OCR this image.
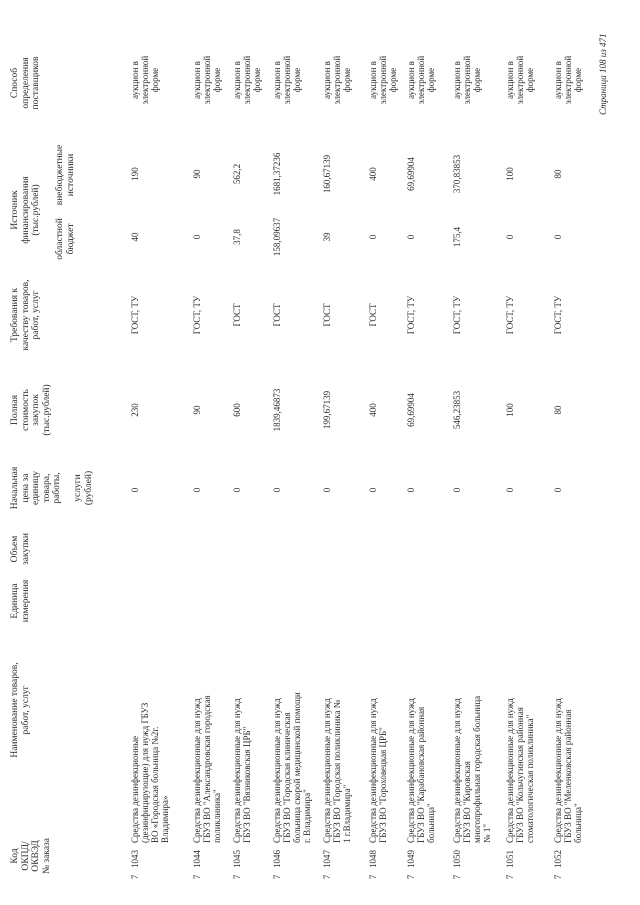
Код
ОКПД/
ОКВЭД
№ заказа
Наименование товаров,
работ, услуг
Единица
измерения
Объем
закупки
Начальная
цена за
единицу
товара,
работы,

услуги
(рублей)
Полная
стоимость
закупок
(тыс.рублей)
Требования к
качеству товаров,
работ, услуг
Источник
финансирования
(тыс.рублей)
областной
бюджет
внебюджетные
источники
Способ
определения
поставщиков
7
1043
Средства дезинфекционные
(дезинфицирующие) для нужд ГБУЗ
ВО «Городская больница №2г.
Владимира»
0
230
ГОСТ, ТУ
40
190
аукцион в
электронной
форме
7
1044
Средства дезинфекционные для нужд
ГБУЗ ВО "Александровская городская
поликлиника"
0
90
ГОСТ, ТУ
0
90
аукцион в
электронной
форме
7
1045
Средства дезинфекционные для нужд
ГБУЗ ВО "Вязниковская ЦРБ"
0
600
ГОСТ
37,8
562,2
аукцион в
электронной
форме
7
1046
Средства дезинфекционные для нужд
ГБУЗ ВО "Городская клиническая
больница скорой медицинской помощи
г. Владимира"
0
1839,46873
ГОСТ
158,09637
1681,37236
аукцион в
электронной
форме
7
1047
Средства дезинфекционные для нужд
ГБУЗ ВО "Городская поликлиника №
1 г.Владимира"
0
199,67139
ГОСТ
39
160,67139
аукцион в
электронной
форме
7
1048
Средства дезинфекционные для нужд
ГБУЗ ВО "Гороховецкая ЦРБ"
0
400
ГОСТ
0
400
аукцион в
электронной
форме
7
1049
Средства дезинфекционные для нужд
ГБУЗ ВО "Карабановская районная
больница"
0
69,69904
ГОСТ, ТУ
0
69,69904
аукцион в
электронной
форме
7
1050
Средства дезинфекционные для нужд
ГБУЗ ВО "Кировская
многопрофильная городская больница
№ 1"
0
546,23853
ГОСТ, ТУ
175,4
370,83853
аукцион в
электронной
форме
7
1051
Средства дезинфекционные для нужд
ГБУЗ ВО "Кольчугинская районная
стоматологическая поликлиника"
0
100
ГОСТ, ТУ
0
100
аукцион в
электронной
форме
7
1052
Средства дезинфекционные для нужд
ГБУЗ ВО "Меленковская районная
больница"
0
80
ГОСТ, ТУ
0
80
аукцион в
электронной
форме Страница 108 из 471
